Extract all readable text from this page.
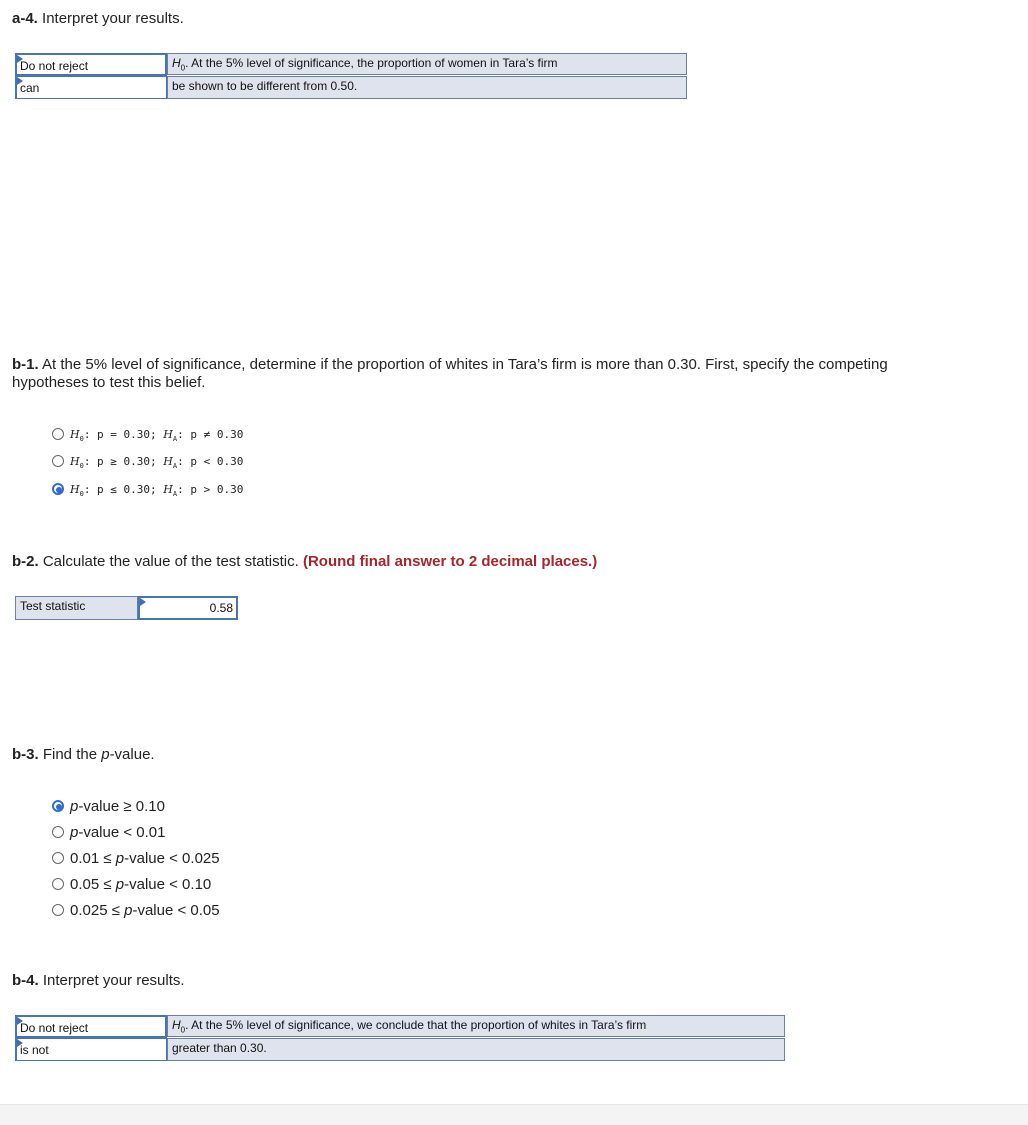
a-4. Interpret your results.
Do not reject	$H_0$. At the 5% level of significance, the proportion of women in Tara’s firm
can	be shown to be different from 0.50.
b-1. At the 5% level of significance, determine if the proportion of whites in Tara’s firm is more than 0.30. First, specify the competing
hypotheses to test this belief.
$H_0$: p = 0.30; $H_A$: p ≠ 0.30
$H_0$: p ≥ 0.30; $H_A$: p < 0.30
$H_0$: p ≤ 0.30; $H_A$: p > 0.30
b-2. Calculate the value of the test statistic. (Round final answer to 2 decimal places.)
Test statistic	0.58
b-3. Find the p-value.
p-value ≥ 0.10
p-value < 0.01
0.01 ≤ p-value < 0.025
0.05 ≤ p-value < 0.10
0.025 ≤ p-value < 0.05
b-4. Interpret your results.
Do not reject	$H_0$. At the 5% level of significance, we conclude that the proportion of whites in Tara’s firm
is not	greater than 0.30.
